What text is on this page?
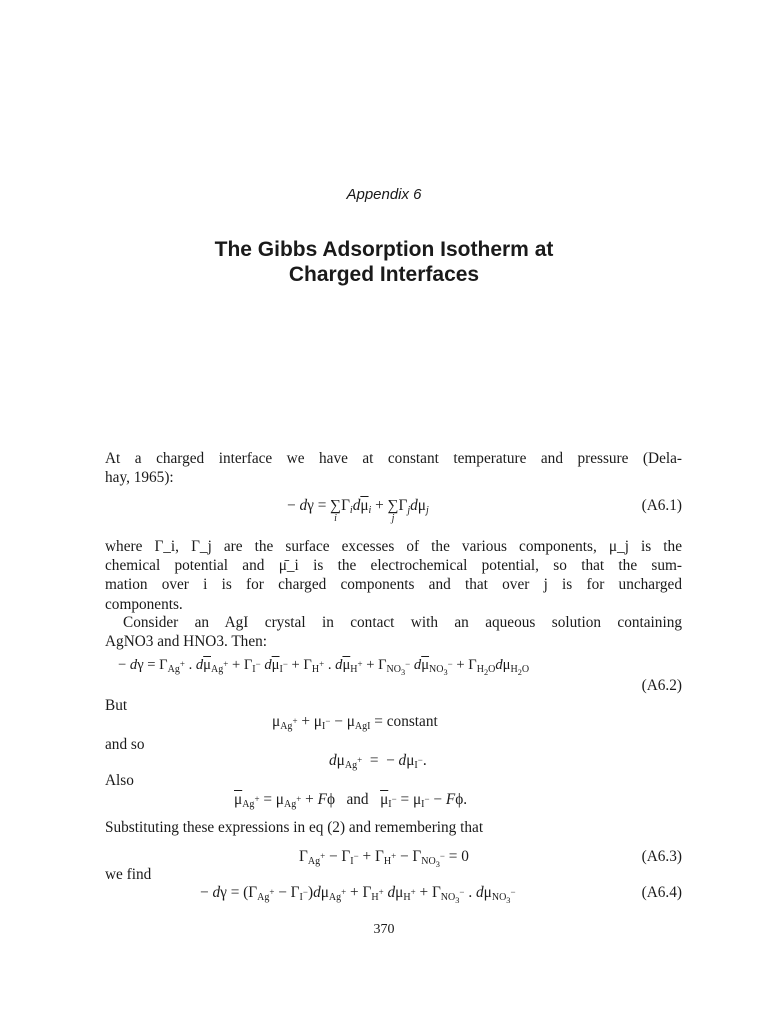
Appendix 6
The Gibbs Adsorption Isotherm at
Charged Interfaces
At a charged interface we have at constant temperature and pressure (Dela-
hay, 1965):
− dγ = ∑
i
$\Gamma_id\overline{\mu}_i$ + ∑
j
$\Gamma_jd\mu_j$	(A6.1)
where Γ_i, Γ_j are the surface excesses of the various components, μ_j is the
chemical potential and μ̄_i is the electrochemical potential, so that the sum-
mation over i is for charged components and that over j is for uncharged
components.
Consider an AgI crystal in contact with an aqueous solution containing
AgNO3 and HNO3. Then:
− $d\gamma = \Gamma_{Ag^+}$ . $d\overline{\mu}_{Ag^+} + \Gamma_{I^-}$ $d\overline{\mu}_{I^-} + \Gamma_{H^+}$ . $d\overline{\mu}_{H^+} + \Gamma_{NO_3^-}$ $d\overline{\mu}_{NO_3^-} + \Gamma_{H_2O}d\mu_{H_2O}$
(A6.2)
But
$\mu_{Ag^+} + \mu_{I^-} - \mu_{AgI}$ = constant
and so
$d\mu_{Ag^+}$  =  − $d\mu_{I^-}$.
Also
$\overline{\mu}_{Ag^+} = \mu_{Ag^+} + F\phi$   and $\overline{\mu}_{I^-} = \mu_{I^-} - F\phi$.
Substituting these expressions in eq (2) and remembering that
$\Gamma_{Ag^+} - \Gamma_{I^-} + \Gamma_{H^+} - \Gamma_{NO_3^-} = 0$	(A6.3)
we find
− $d\gamma = (\Gamma_{Ag^+} - \Gamma_{I^-})d\mu_{Ag^+} + \Gamma_{H^+}$ $d\mu_{H^+} + \Gamma_{NO_3^-}$ . $d\mu_{NO_3^-}$	(A6.4)
370
